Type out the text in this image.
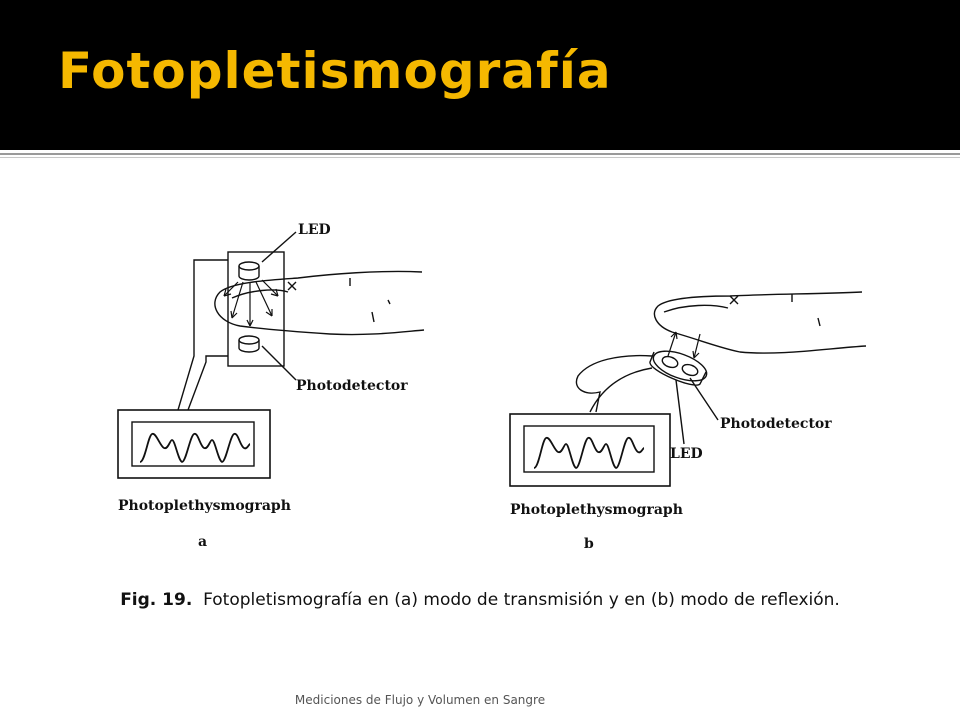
Fotopletismografía
LED
Photodetector
Photoplethysmograph
a
Photodetector
LED
Photoplethysmograph
b

Fig. 19. Fotopletismografía en (a) modo de transmisión y en (b) modo de reflexión.

Mediciones de Flujo y Volumen en Sangre
